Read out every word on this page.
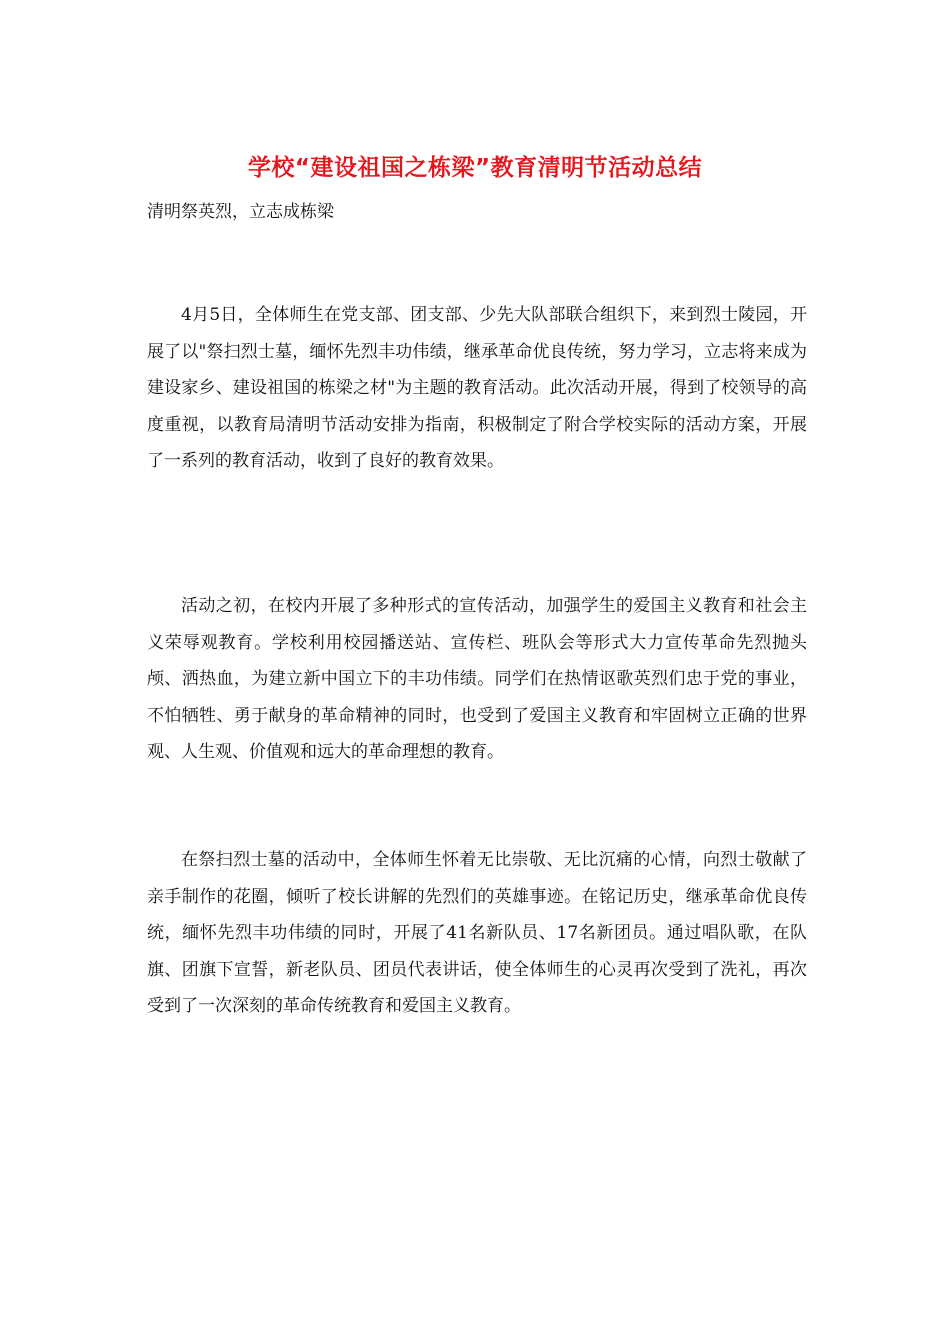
学校“建设祖国之栋梁”教育清明节活动总结
清明祭英烈，立志成栋梁

4月5日，全体师生在党支部、团支部、少先大队部联合组织下，来到烈士陵园，开展了以"祭扫烈士墓，缅怀先烈丰功伟绩，继承革命优良传统，努力学习，立志将来成为建设家乡、建设祖国的栋梁之材"为主题的教育活动。此次活动开展，得到了校领导的高度重视，以教育局清明节活动安排为指南，积极制定了附合学校实际的活动方案，开展了一系列的教育活动，收到了良好的教育效果。

活动之初，在校内开展了多种形式的宣传活动，加强学生的爱国主义教育和社会主义荣辱观教育。学校利用校园播送站、宣传栏、班队会等形式大力宣传革命先烈抛头颅、洒热血，为建立新中国立下的丰功伟绩。同学们在热情讴歌英烈们忠于党的事业，不怕牺牲、勇于献身的革命精神的同时，也受到了爱国主义教育和牢固树立正确的世界观、人生观、价值观和远大的革命理想的教育。

在祭扫烈士墓的活动中，全体师生怀着无比崇敬、无比沉痛的心情，向烈士敬献了亲手制作的花圈，倾听了校长讲解的先烈们的英雄事迹。在铭记历史，继承革命优良传统，缅怀先烈丰功伟绩的同时，开展了41名新队员、17名新团员。通过唱队歌，在队旗、团旗下宣誓，新老队员、团员代表讲话，使全体师生的心灵再次受到了洗礼，再次受到了一次深刻的革命传统教育和爱国主义教育。
